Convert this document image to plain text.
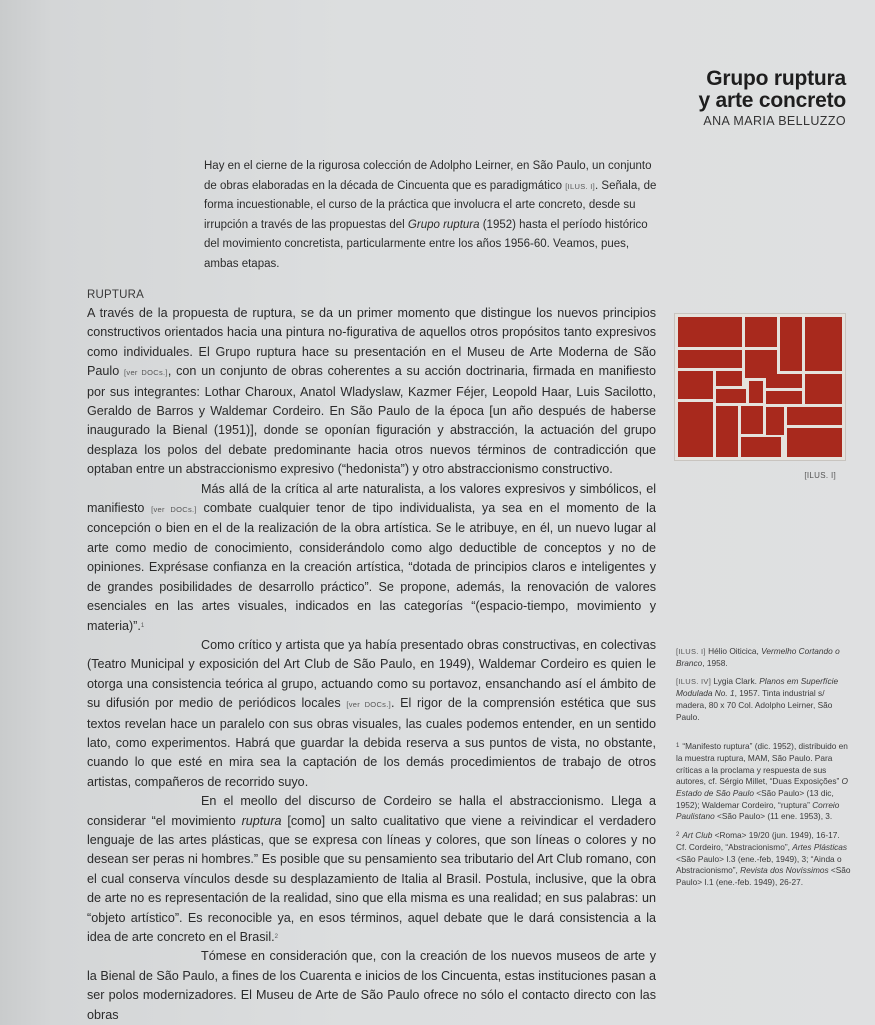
Grupo ruptura
y arte concreto
ANA MARIA BELLUZZO
Hay en el cierne de la rigurosa colección de Adolpho Leirner, en São Paulo, un conjunto de obras elaboradas en la década de Cincuenta que es paradigmático [ILUS. I]. Señala, de forma incuestionable, el curso de la práctica que involucra el arte concreto, desde su irrupción a través de las propuestas del Grupo ruptura (1952) hasta el período histórico del movimiento concretista, particularmente entre los años 1956-60. Veamos, pues, ambas etapas.
RUPTURA

A través de la propuesta de ruptura, se da un primer momento que distingue los nuevos principios constructivos orientados hacia una pintura no-figurativa de aquellos otros propósitos tanto expresivos como individuales. El Grupo ruptura hace su presentación en el Museu de Arte Moderna de São Paulo [ver DOCs.], con un conjunto de obras coherentes a su acción doctrinaria, firmada en manifiesto por sus integrantes: Lothar Charoux, Anatol Wladyslaw, Kazmer Féjer, Leopold Haar, Luis Sacilotto, Geraldo de Barros y Waldemar Cordeiro. En São Paulo de la época [un año después de haberse inaugurado la Bienal (1951)], donde se oponían figuración y abstracción, la actuación del grupo desplaza los polos del debate predominante hacia otros nuevos términos de contradicción que optaban entre un abstraccionismo expresivo (“hedonista”) y otro abstraccionismo constructivo.

Más allá de la crítica al arte naturalista, a los valores expresivos y simbólicos, el manifiesto [ver DOCs.] combate cualquier tenor de tipo individualista, ya sea en el momento de la concepción o bien en el de la realización de la obra artística. Se le atribuye, en él, un nuevo lugar al arte como medio de conocimiento, considerándolo como algo deductible de conceptos y no de opiniones. Exprésase confianza en la creación artística, “dotada de principios claros e inteligentes y de grandes posibilidades de desarrollo práctico”. Se propone, además, la renovación de valores esenciales en las artes visuales, indicados en las categorías “(espacio-tiempo, movimiento y materia)”.$^1$

Como crítico y artista que ya había presentado obras constructivas, en colectivas (Teatro Municipal y exposición del Art Club de São Paulo, en 1949), Waldemar Cordeiro es quien le otorga una consistencia teórica al grupo, actuando como su portavoz, ensanchando así el ámbito de su difusión por medio de periódicos locales [ver DOCs.]. El rigor de la comprensión estética que sus textos revelan hace un paralelo con sus obras visuales, las cuales podemos entender, en un sentido lato, como experimentos. Habrá que guardar la debida reserva a sus puntos de vista, no obstante, cuando lo que esté en mira sea la captación de los demás procedimientos de trabajo de otros artistas, compañeros de recorrido suyo.

En el meollo del discurso de Cordeiro se halla el abstraccionismo. Llega a considerar “el movimiento ruptura [como] un salto cualitativo que viene a reivindicar el verdadero lenguaje de las artes plásticas, que se expresa con líneas y colores, que son líneas o colores y no desean ser peras ni hombres.” Es posible que su pensamiento sea tributario del Art Club romano, con el cual conserva vínculos desde su desplazamiento de Italia al Brasil. Postula, inclusive, que la obra de arte no es representación de la realidad, sino que ella misma es una realidad; en sus palabras: un “objeto artístico”. Es reconocible ya, en esos términos, aquel debate que le dará consistencia a la idea de arte concreto en el Brasil.$^2$

Tómese en consideración que, con la creación de los nuevos museos de arte y la Bienal de São Paulo, a fines de los Cuarenta e inicios de los Cincuenta, estas instituciones pasan a ser polos modernizadores. El Museu de Arte de São Paulo ofrece no sólo el contacto directo con las obras

[ILUS. I]

[ILUS. I] Hélio Oiticica, Vermelho Cortando o Branco, 1958.

[ILUS. IV] Lygia Clark. Planos em Superfície Modulada No. 1, 1957. Tinta industrial s/ madera, 80 x 70 Col. Adolpho Leirner, São Paulo.

$^1$ “Manifesto ruptura” (dic. 1952), distribuido en la muestra ruptura, MAM, São Paulo. Para críticas a la proclama y respuesta de sus autores, cf. Sérgio Millet, “Duas Exposições” O Estado de São Paulo <São Paulo> (13 dic, 1952); Waldemar Cordeiro, “ruptura” Correio Paulistano <São Paulo> (11 ene. 1953), 3.

$^2$ Art Club <Roma> 19/20 (jun. 1949), 16-17. Cf. Cordeiro, “Abstracionismo”, Artes Plásticas <São Paulo> I.3 (ene.-feb, 1949), 3; “Ainda o Abstracionismo”, Revista dos Novíssimos <São Paulo> I.1 (ene.-feb. 1949), 26-27.
